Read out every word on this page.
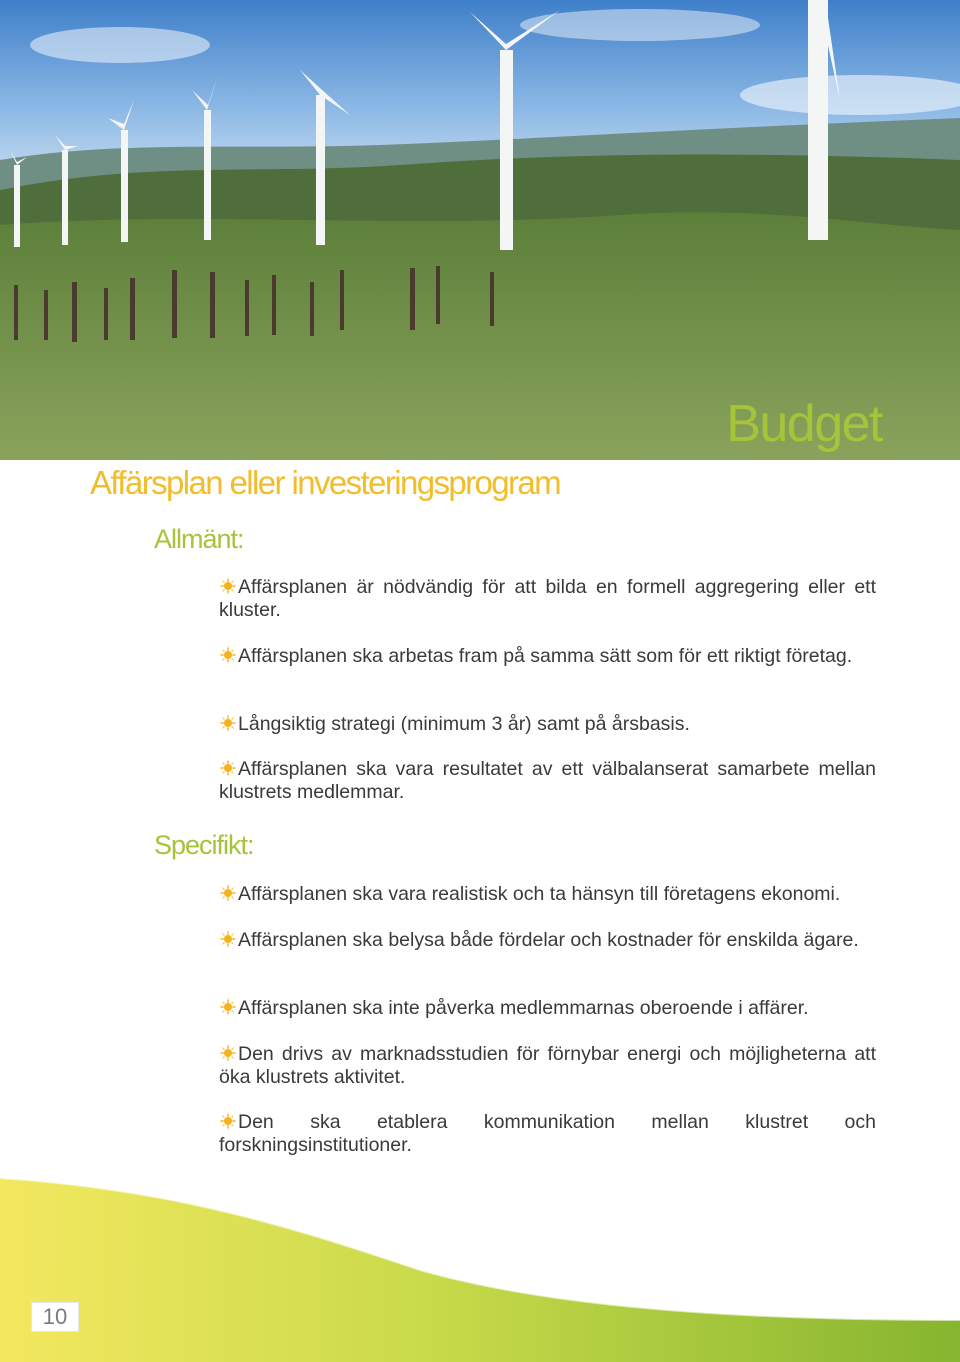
Budget
Affärsplan eller investeringsprogram
Allmänt:
Affärsplanen är nödvändig för att bilda en formell aggregering eller ett kluster.
Affärsplanen ska arbetas fram på samma sätt som för ett riktigt företag.
Långsiktig strategi (minimum 3 år) samt på årsbasis.
Affärsplanen ska vara resultatet av ett välbalanserat samarbete mellan klustrets medlemmar.
Specifikt:
Affärsplanen ska vara realistisk och ta hänsyn till företagens ekonomi.
Affärsplanen ska belysa både fördelar och kostnader för enskilda ägare.
Affärsplanen ska inte påverka medlemmarnas oberoende i affärer.
Den drivs av marknadsstudien för förnybar energi och möjligheterna att öka klustrets aktivitet.
Den ska etablera kommunikation mellan klustret och forskningsinstitutioner.
10
